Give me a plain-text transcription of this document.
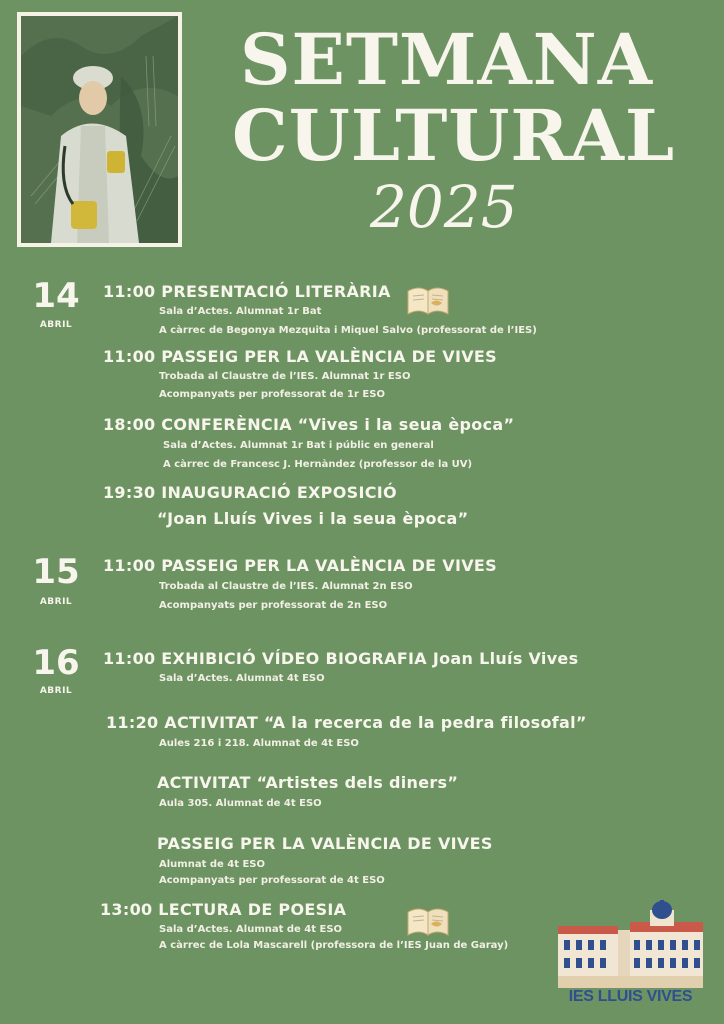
SETMANA
CULTURAL
2025
14
ABRIL
15
ABRIL
16
ABRIL
11:00 PRESENTACIÓ LITERÀRIA
Sala d’Actes. Alumnat 1r Bat
A càrrec de Begonya Mezquita i Miquel Salvo (professorat de l’IES)
11:00 PASSEIG PER LA VALÈNCIA DE VIVES
Trobada al Claustre de l’IES. Alumnat 1r ESO
Acompanyats per professorat de 1r ESO
18:00 CONFERÈNCIA “Vives i la seua època”
Sala d’Actes. Alumnat 1r Bat i públic en general
A càrrec de Francesc J. Hernàndez (professor de la UV)
19:30 INAUGURACIÓ EXPOSICIÓ
“Joan Lluís Vives i la seua època”
11:00 PASSEIG PER LA VALÈNCIA DE VIVES
Trobada al Claustre de l’IES. Alumnat 2n ESO
Acompanyats per professorat de 2n ESO
11:00 EXHIBICIÓ VÍDEO BIOGRAFIA Joan Lluís Vives
Sala d’Actes. Alumnat 4t ESO
11:20 ACTIVITAT “A la recerca de la pedra filosofal”
Aules 216 i 218. Alumnat de 4t ESO
ACTIVITAT “Artistes dels diners”
Aula 305. Alumnat de 4t ESO
PASSEIG PER LA VALÈNCIA DE VIVES
Alumnat de 4t ESO
Acompanyats per professorat de 4t ESO
13:00 LECTURA DE POESIA
Sala d’Actes. Alumnat de 4t ESO
A càrrec de Lola Mascarell (professora de l’IES Juan de Garay)
IES LLUIS VIVES
